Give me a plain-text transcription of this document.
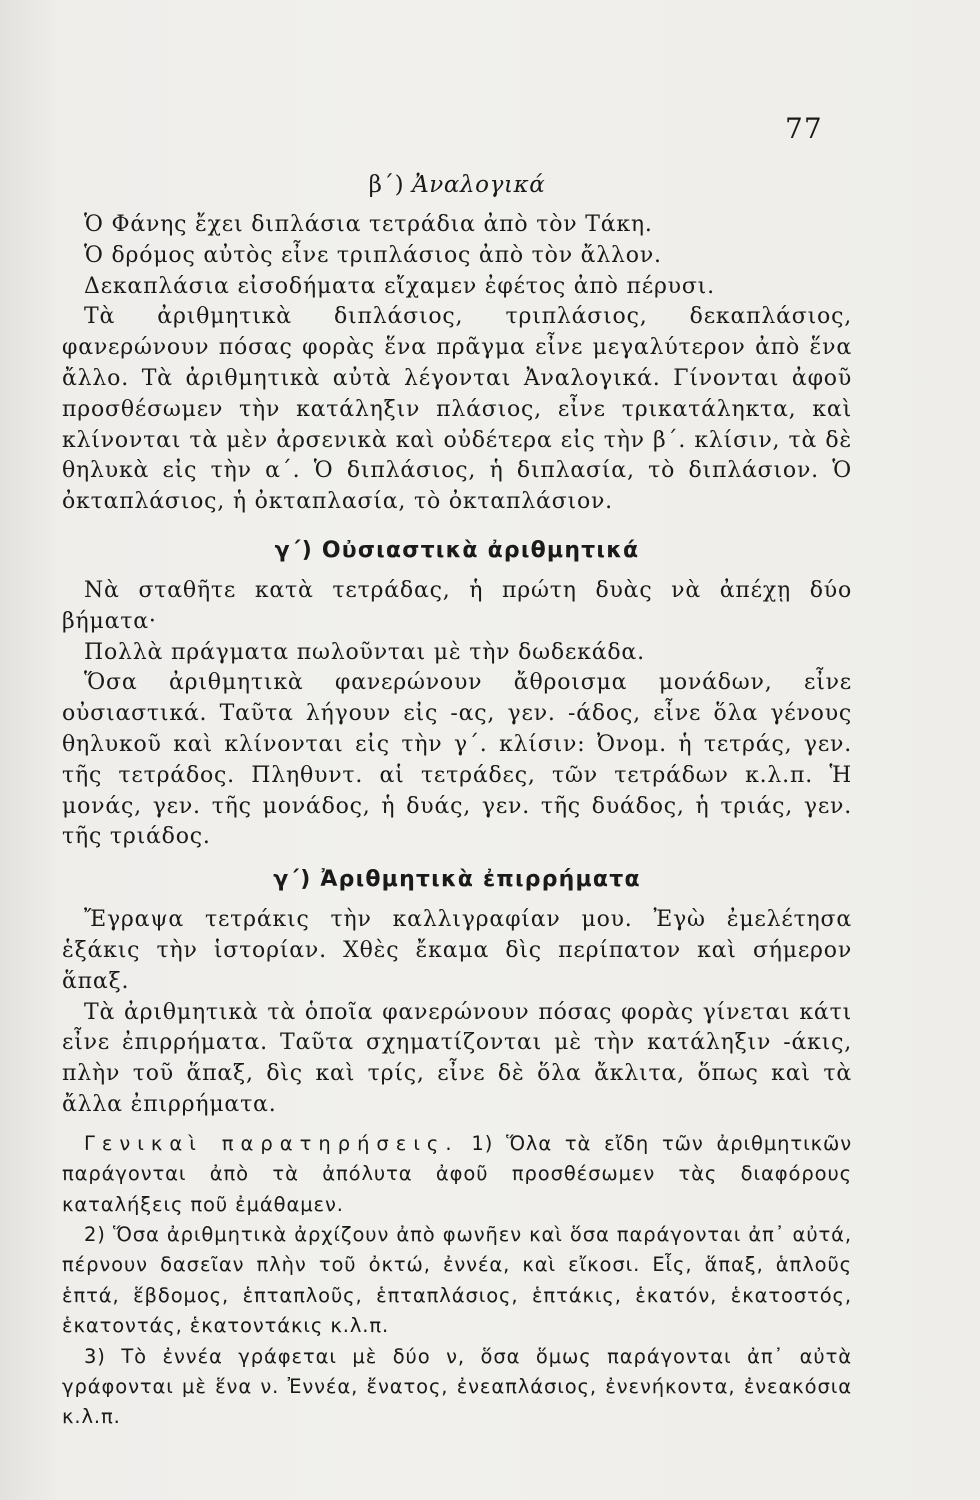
77
β΄) Ἀναλογικά

Ὁ Φάνης ἔχει διπλάσια τετράδια ἀπὸ τὸν Τάκη.

Ὁ δρόμος αὐτὸς εἶνε τριπλάσιος ἀπὸ τὸν ἄλλον.

Δεκαπλάσια εἰσοδήματα εἴχαμεν ἐφέτος ἀπὸ πέρυσι.

Τὰ ἀριθμητικὰ διπλάσιος, τριπλάσιος, δεκαπλάσιος, φανερώνουν πόσας φορὰς ἕνα πρᾶγμα εἶνε μεγαλύτερον ἀπὸ ἕνα ἄλλο. Τὰ ἀριθμητικὰ αὐτὰ λέγονται Ἀναλογικά. Γίνονται ἀφοῦ προσθέσωμεν τὴν κατάληξιν πλάσιος, εἶνε τρικατάληκτα, καὶ κλίνονται τὰ μὲν ἀρσενικὰ καὶ οὐδέτερα εἰς τὴν β΄. κλίσιν, τὰ δὲ θηλυκὰ εἰς τὴν α΄. Ὁ διπλάσιος, ἡ διπλασία, τὸ διπλάσιον. Ὁ ὀκταπλάσιος, ἡ ὀκταπλασία, τὸ ὀκταπλάσιον.

γ΄) Οὐσιαστικὰ ἀριθμητικά

Νὰ σταθῆτε κατὰ τετράδας, ἡ πρώτη δυὰς νὰ ἀπέχῃ δύο βήματα·

Πολλὰ πράγματα πωλοῦνται μὲ τὴν δωδεκάδα.

Ὅσα ἀριθμητικὰ φανερώνουν ἄθροισμα μονάδων, εἶνε οὐσιαστικά. Ταῦτα λήγουν εἰς -ας, γεν. -άδος, εἶνε ὅλα γένους θηλυκοῦ καὶ κλίνονται εἰς τὴν γ΄. κλίσιν: Ὀνομ. ἡ τετράς, γεν. τῆς τετράδος. Πληθυντ. αἱ τετράδες, τῶν τετράδων κ.λ.π. Ἡ μονάς, γεν. τῆς μονάδος, ἡ δυάς, γεν. τῆς δυάδος, ἡ τριάς, γεν. τῆς τριάδος.

γ΄) Ἀριθμητικὰ ἐπιρρήματα

Ἔγραψα τετράκις τὴν καλλιγραφίαν μου. Ἐγὼ ἐμελέτησα ἑξάκις τὴν ἱστορίαν. Χθὲς ἔκαμα δὶς περίπατον καὶ σήμερον ἅπαξ.

Τὰ ἀριθμητικὰ τὰ ὁποῖα φανερώνουν πόσας φορὰς γίνεται κάτι εἶνε ἐπιρρήματα. Ταῦτα σχηματίζονται μὲ τὴν κατάληξιν -άκις, πλὴν τοῦ ἅπαξ, δὶς καὶ τρίς, εἶνε δὲ ὅλα ἄκλιτα, ὅπως καὶ τὰ ἄλλα ἐπιρρήματα.

Γενικαὶ παρατηρήσεις. 1) Ὅλα τὰ εἴδη τῶν ἀριθμητικῶν παράγονται ἀπὸ τὰ ἀπόλυτα ἀφοῦ προσθέσωμεν τὰς διαφόρους καταλήξεις ποῦ ἐμάθαμεν.

2) Ὅσα ἀριθμητικὰ ἀρχίζουν ἀπὸ φωνῆεν καὶ ὅσα παράγονται ἀπ᾽ αὐτά, πέρνουν δασεῖαν πλὴν τοῦ ὀκτώ, ἐννέα, καὶ εἴκοσι. Εἷς, ἅπαξ, ἁπλοῦς ἑπτά, ἕβδομος, ἑπταπλοῦς, ἑπταπλάσιος, ἑπτάκις, ἑκατόν, ἑκατοστός, ἑκατοντάς, ἑκατοντάκις κ.λ.π.

3) Τὸ ἐννέα γράφεται μὲ δύο ν, ὅσα ὅμως παράγονται ἀπ᾽ αὐτὰ γράφονται μὲ ἕνα ν. Ἐννέα, ἔνατος, ἐνεαπλάσιος, ἐνενήκοντα, ἐνεακόσια κ.λ.π.
